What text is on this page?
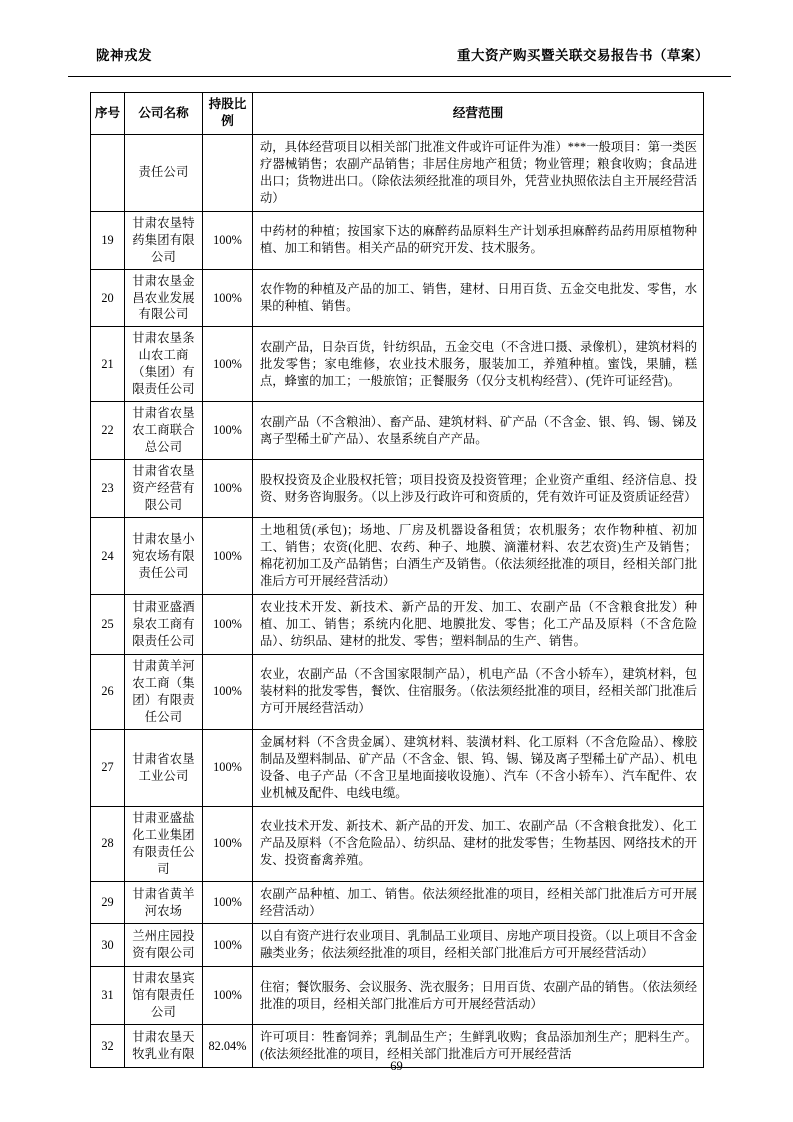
陇神戎发	重大资产购买暨关联交易报告书（草案）
序号	公司名称	持股比例	经营范围
	责任公司		动，具体经营项目以相关部门批准文件或许可证件为准）***一般项目：第一类医疗器械销售；农副产品销售；非居住房地产租赁；物业管理；粮食收购；食品进出口；货物进出口。（除依法须经批准的项目外，凭营业执照依法自主开展经营活动）
19	甘肃农垦特药集团有限公司	100%	中药材的种植；按国家下达的麻醉药品原料生产计划承担麻醉药品药用原植物种植、加工和销售。相关产品的研究开发、技术服务。
20	甘肃农垦金昌农业发展有限公司	100%	农作物的种植及产品的加工、销售，建材、日用百货、五金交电批发、零售，水果的种植、销售。
21	甘肃农垦条山农工商（集团）有限责任公司	100%	农副产品，日杂百货，针纺织品，五金交电（不含进口摄、录像机），建筑材料的批发零售；家电维修，农业技术服务，服装加工，养殖种植。蜜饯，果脯，糕点，蜂蜜的加工；一般旅馆；正餐服务（仅分支机构经营）、(凭许可证经营)。
22	甘肃省农垦农工商联合总公司	100%	农副产品（不含粮油）、畜产品、建筑材料、矿产品（不含金、银、钨、锡、锑及离子型稀土矿产品）、农垦系统自产产品。
23	甘肃省农垦资产经营有限公司	100%	股权投资及企业股权托管；项目投资及投资管理；企业资产重组、经济信息、投资、财务咨询服务。（以上涉及行政许可和资质的，凭有效许可证及资质证经营）
24	甘肃农垦小宛农场有限责任公司	100%	土地租赁(承包)；场地、厂房及机器设备租赁；农机服务；农作物种植、初加工、销售；农资(化肥、农药、种子、地膜、滴灌材料、农艺农资)生产及销售；棉花初加工及产品销售；白酒生产及销售。（依法须经批准的项目，经相关部门批准后方可开展经营活动）
25	甘肃亚盛酒泉农工商有限责任公司	100%	农业技术开发、新技术、新产品的开发、加工、农副产品（不含粮食批发）种植、加工、销售；系统内化肥、地膜批发、零售；化工产品及原料（不含危险品）、纺织品、建材的批发、零售；塑料制品的生产、销售。
26	甘肃黄羊河农工商（集团）有限责任公司	100%	农业，农副产品（不含国家限制产品），机电产品（不含小轿车），建筑材料，包装材料的批发零售，餐饮、住宿服务。（依法须经批准的项目，经相关部门批准后方可开展经营活动）
27	甘肃省农垦工业公司	100%	金属材料（不含贵金属）、建筑材料、装潢材料、化工原料（不含危险品）、橡胶制品及塑料制品、矿产品（不含金、银、钨、锡、锑及离子型稀土矿产品）、机电设备、电子产品（不含卫星地面接收设施）、汽车（不含小轿车）、汽车配件、农业机械及配件、电线电缆。
28	甘肃亚盛盐化工业集团有限责任公司	100%	农业技术开发、新技术、新产品的开发、加工、农副产品（不含粮食批发）、化工产品及原料（不含危险品）、纺织品、建材的批发零售；生物基因、网络技术的开发、投资畜禽养殖。
29	甘肃省黄羊河农场	100%	农副产品种植、加工、销售。依法须经批准的项目，经相关部门批准后方可开展经营活动）
30	兰州庄园投资有限公司	100%	以自有资产进行农业项目、乳制品工业项目、房地产项目投资。（以上项目不含金融类业务；依法须经批准的项目，经相关部门批准后方可开展经营活动）
31	甘肃农垦宾馆有限责任公司	100%	住宿；餐饮服务、会议服务、洗衣服务；日用百货、农副产品的销售。（依法须经批准的项目，经相关部门批准后方可开展经营活动）
32	甘肃农垦天牧乳业有限	82.04%	许可项目：牲畜饲养；乳制品生产；生鲜乳收购；食品添加剂生产；肥料生产。(依法须经批准的项目，经相关部门批准后方可开展经营活
69
